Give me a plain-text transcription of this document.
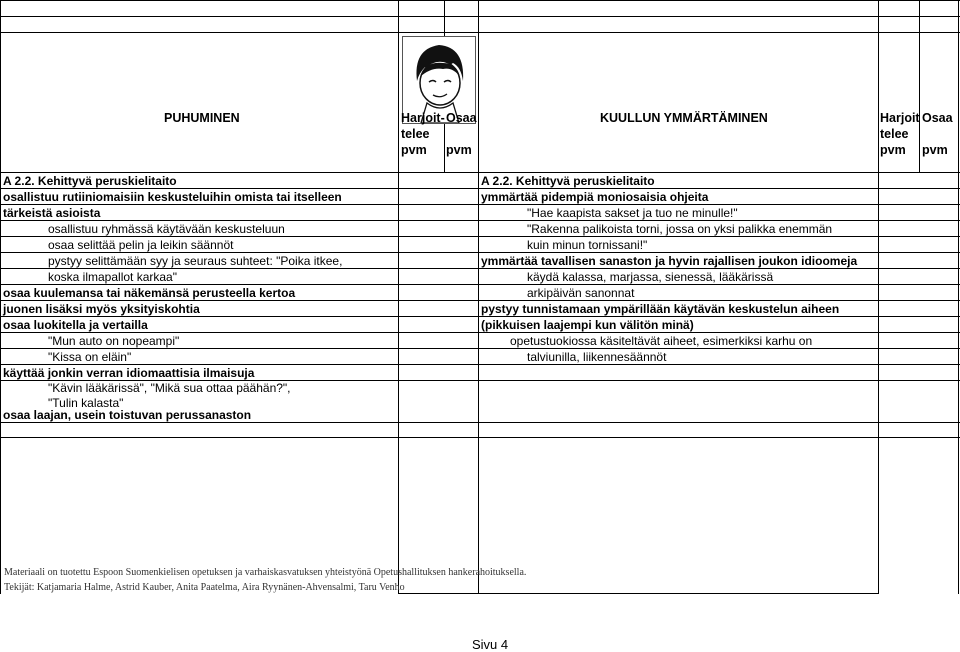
PUHUMINEN	KUULLUN YMMÄRTÄMINEN
Harjoit-
telee
pvm
Osaa
pvm
Harjoit
telee
pvm
Osaa
pvm
A 2.2. Kehittyvä peruskielitaito	A 2.2. Kehittyvä peruskielitaito
osallistuu rutiiniomaisiin keskusteluihin omista tai itselleen
tärkeistä asioista
osallistuu ryhmässä käytävään keskusteluun
osaa selittää pelin ja leikin säännöt
pystyy selittämään syy ja seuraus suhteet: "Poika itkee,
koska ilmapallot karkaa"
osaa kuulemansa tai näkemänsä perusteella kertoa
juonen lisäksi myös yksityiskohtia
osaa luokitella ja vertailla
"Mun auto on nopeampi"
"Kissa on eläin"
käyttää jonkin verran idiomaattisia ilmaisuja
"Kävin lääkärissä", "Mikä sua ottaa päähän?",
"Tulin kalasta"
osaa laajan, usein toistuvan perussanaston
ymmärtää pidempiä moniosaisia ohjeita
"Hae kaapista sakset ja tuo ne minulle!"
"Rakenna palikoista torni, jossa on yksi palikka enemmän
kuin minun tornissani!"
ymmärtää tavallisen sanaston ja hyvin rajallisen joukon idioomeja
käydä kalassa, marjassa, sienessä, lääkärissä
arkipäivän sanonnat
pystyy tunnistamaan ympärillään käytävän keskustelun aiheen
(pikkuisen laajempi kun välitön minä)
opetustuokiossa käsiteltävät aiheet, esimerkiksi karhu on
talviunilla, liikennesäännöt
Materiaali on tuotettu Espoon Suomenkielisen opetuksen ja varhaiskasvatuksen yhteistyönä Opetushallituksen hankerahoituksella.
Tekijät: Katjamaria Halme, Astrid Kauber, Anita Paatelma, Aira Ryynänen-Ahvensalmi, Taru Venho
Sivu 4
